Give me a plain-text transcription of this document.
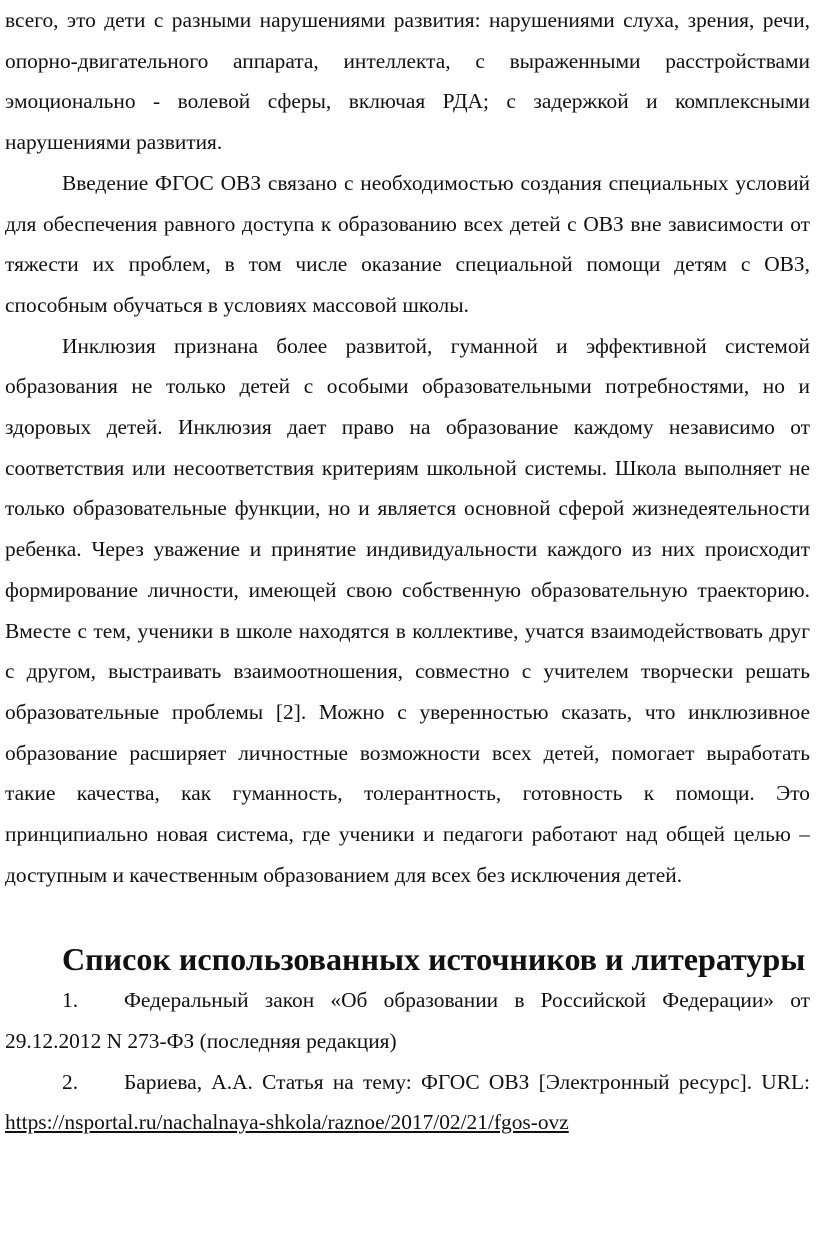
всего, это дети с разными нарушениями развития: нарушениями слуха, зрения, речи, опорно-двигательного аппарата, интеллекта, с выраженными расстройствами эмоционально - волевой сферы, включая РДА; с задержкой и комплексными нарушениями развития.

Введение ФГОС ОВЗ связано с необходимостью создания специальных условий для обеспечения равного доступа к образованию всех детей с ОВЗ вне зависимости от тяжести их проблем, в том числе оказание специальной помощи детям с ОВЗ, способным обучаться в условиях массовой школы.

Инклюзия признана более развитой, гуманной и эффективной системой образования не только детей с особыми образовательными потребностями, но и здоровых детей. Инклюзия дает право на образование каждому независимо от соответствия или несоответствия критериям школьной системы. Школа выполняет не только образовательные функции, но и является основной сферой жизнедеятельности ребенка. Через уважение и принятие индивидуальности каждого из них происходит формирование личности, имеющей свою собственную образовательную траекторию. Вместе с тем, ученики в школе находятся в коллективе, учатся взаимодействовать друг с другом, выстраивать взаимоотношения, совместно с учителем творчески решать образовательные проблемы [2]. Можно с уверенностью сказать, что инклюзивное образование расширяет личностные возможности всех детей, помогает выработать такие качества, как гуманность, толерантность, готовность к помощи. Это принципиально новая система, где ученики и педагоги работают над общей целью – доступным и качественным образованием для всех без исключения детей.

Список использованных источников и литературы

1. Федеральный закон «Об образовании в Российской Федерации» от 29.12.2012 N 273-ФЗ (последняя редакция)

2. Бариева, А.А. Статья на тему: ФГОС ОВЗ [Электронный ресурс]. URL: https://nsportal.ru/nachalnaya-shkola/raznoe/2017/02/21/fgos-ovz
